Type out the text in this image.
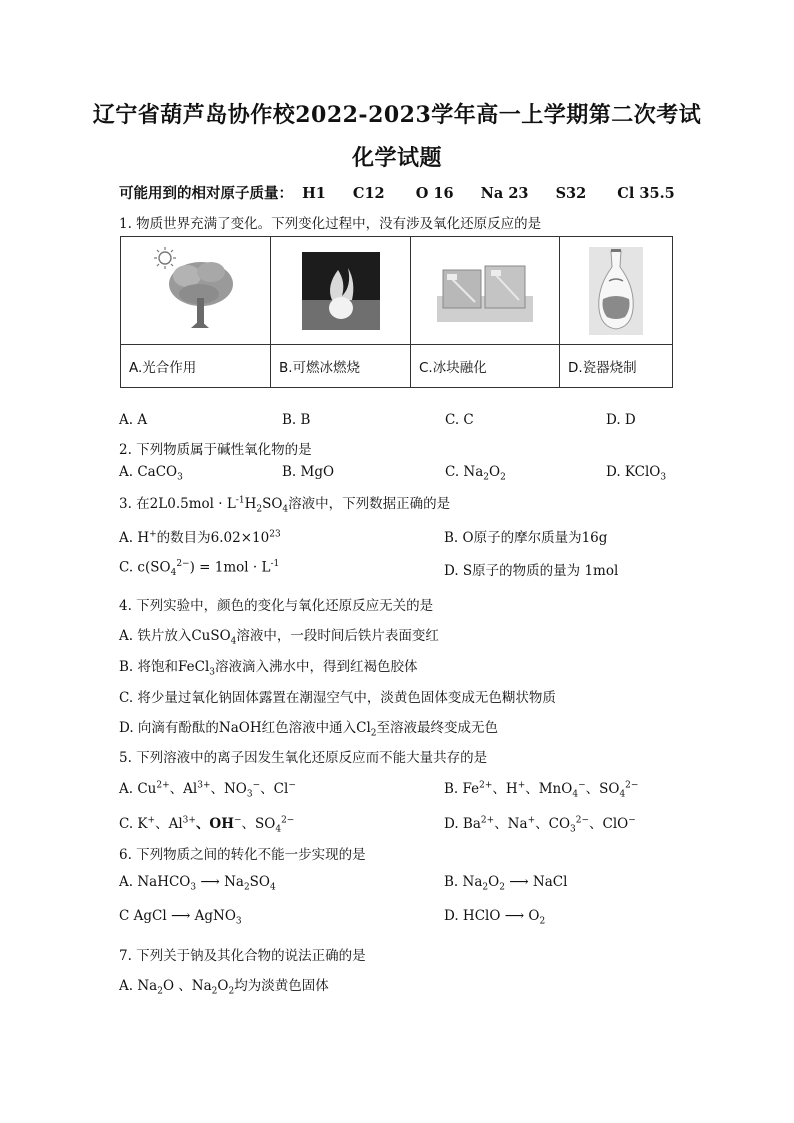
辽宁省葫芦岛协作校2022-2023学年高一上学期第二次考试
化学试题
可能用到的相对原子质量： H1 C12 O 16 Na 23 S32 Cl 35.5
1. 物质世界充满了变化。下列变化过程中，没有涉及氧化还原反应的是

A.光合作用	B.可燃冰燃烧	C.冰块融化	D.瓷器烧制
A. A	B. B	C. C	D. D
2. 下列物质属于碱性氧化物的是
A. CaCO$_3$	B. MgO	C. $Na_2O_2$	D. KClO$_3$
3. 在$2L0.5mol \cdot L^{-1}H_2SO_4$溶液中，下列数据正确的是
A. H+的数目为$6.02\times 10^{23}$	B. O原子的摩尔质量为16g
C. $c(SO_4^{2-}) = 1mol \cdot L^{-1}$	D. S原子的物质的量为 1mol
4. 下列实验中，颜色的变化与氧化还原反应无关的是
A. 铁片放入CuSO$_4$溶液中，一段时间后铁片表面变红
B. 将饱和FeCl$_3$溶液滴入沸水中，得到红褐色胶体
C. 将少量过氧化钠固体露置在潮湿空气中，淡黄色固体变成无色糊状物质
D. 向滴有酚酞的NaOH红色溶液中通入$Cl_2$至溶液最终变成无色
5. 下列溶液中的离子因发生氧化还原反应而不能大量共存的是
A. $Cu^{2+}$、$Al^{3+}$、$NO_3^-$、Cl−	B. $Fe^{2+}$、H+、MnO$_4$−、$SO_4^{2-}$
C. K+、$Al^{3+}$、OH−、$SO_4^{2-}$	D. $Ba^{2+}$、Na+、$CO_3^{2-}$、ClO−
6. 下列物质之间的转化不能一步实现的是
A. NaHCO$_3$ ⟶ $Na_2SO_4$	B. $Na_2O_2$ ⟶ NaCl
C AgCl ⟶ AgNO$_3$	D. HClO ⟶ $O_2$
7. 下列关于钠及其化合物的说法正确的是
A. $Na_2O$ 、$Na_2O_2$均为淡黄色固体
